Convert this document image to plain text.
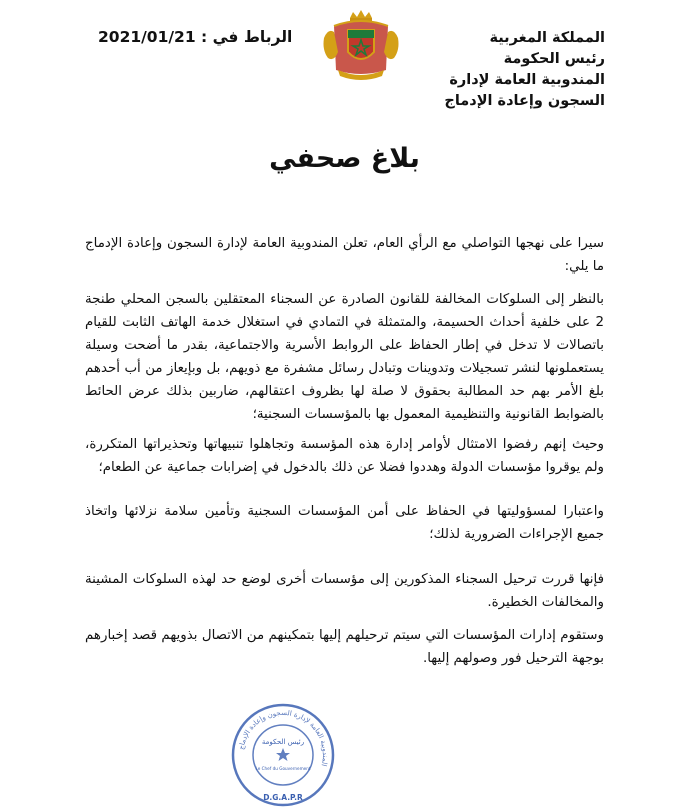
الرباط في : 2021/01/21	المملكة المغربية
رئيس الحكومة
المندوبية العامة لإدارة
السجون وإعادة الإدماج
بلاغ صحفي

سيرا على نهجها التواصلي مع الرأي العام، تعلن المندوبية العامة لإدارة السجون وإعادة الإدماج ما يلي:

بالنظر إلى السلوكات المخالفة للقانون الصادرة عن السجناء المعتقلين بالسجن المحلي طنجة 2 على خلفية أحداث الحسيمة، والمتمثلة في التمادي في استغلال خدمة الهاتف الثابت للقيام باتصالات لا تدخل في إطار الحفاظ على الروابط الأسرية والاجتماعية، بقدر ما أضحت وسيلة يستعملونها لنشر تسجيلات وتدوينات وتبادل رسائل مشفرة مع ذويهم، بل وبإيعاز من أب أحدهم بلغ الأمر بهم حد المطالبة بحقوق لا صلة لها بظروف اعتقالهم، ضاربين بذلك عرض الحائط بالضوابط القانونية والتنظيمية المعمول بها بالمؤسسات السجنية؛

وحيث إنهم رفضوا الامتثال لأوامر إدارة هذه المؤسسة وتجاهلوا تنبيهاتها وتحذيراتها المتكررة، ولم يوقروا مؤسسات الدولة وهددوا فضلا عن ذلك بالدخول في إضرابات جماعية عن الطعام؛

واعتبارا لمسؤوليتها في الحفاظ على أمن المؤسسات السجنية وتأمين سلامة نزلائها واتخاذ جميع الإجراءات الضرورية لذلك؛

فإنها قررت ترحيل السجناء المذكورين إلى مؤسسات أخرى لوضع حد لهذه السلوكات المشينة والمخالفات الخطيرة.

وستقوم إدارات المؤسسات التي سيتم ترحيلهم إليها بتمكينهم من الاتصال بذويهم قصد إخبارهم بوجهة الترحيل فور وصولهم إليها.

المندوبية العامة لإدارة السجون وإعادة الإدماج
رئيس الحكومة
Le Chef du Gouvernement
D.G.A.P.R
